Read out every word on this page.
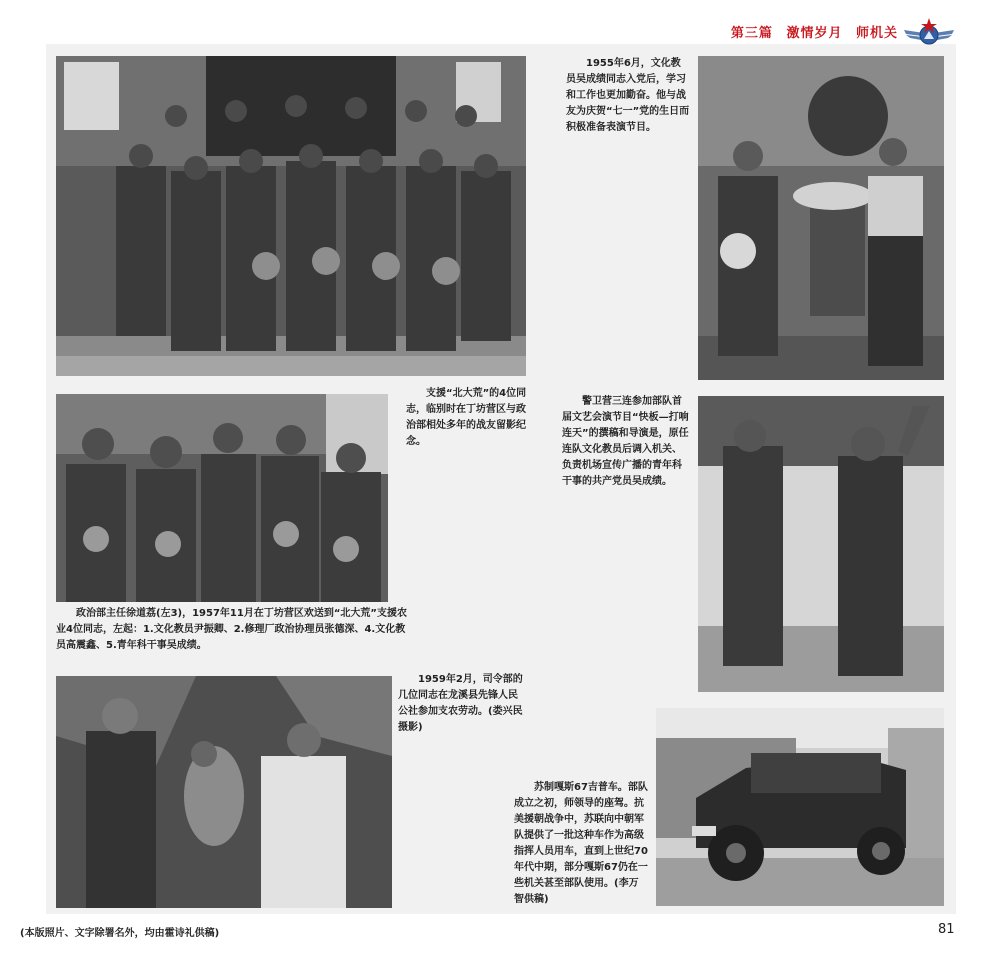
第三篇 激情岁月 师机关

支援“北大荒”的4位同志，临别时在丁坊营区与政治部相处多年的战友留影纪念。

1955年6月，文化教员吴成绩同志入党后，学习和工作也更加勤奋。他与战友为庆贺“七一”党的生日而积极准备表演节目。

政治部主任徐道荔(左3)，1957年11月在丁坊营区欢送到“北大荒”支援农业4位同志，左起：1.文化教员尹振卿、2.修理厂政治协理员张德深、4.文化教员高震鑫、5.青年科干事吴成绩。

警卫营三连参加部队首届文艺会演节目“快板—打响连天”的撰稿和导演是，原任连队文化教员后调入机关、负责机场宣传广播的青年科干事的共产党员吴成绩。

1959年2月，司令部的几位同志在龙溪县先锋人民公社参加支农劳动。(娄兴民摄影)

苏制嘎斯67吉普车。部队成立之初，师领导的座驾。抗美援朝战争中，苏联向中朝军队提供了一批这种车作为高级指挥人员用车，直到上世纪70年代中期，部分嘎斯67仍在一些机关甚至部队使用。(李万智供稿)

(本版照片、文字除署名外，均由霍诗礼供稿)	81
